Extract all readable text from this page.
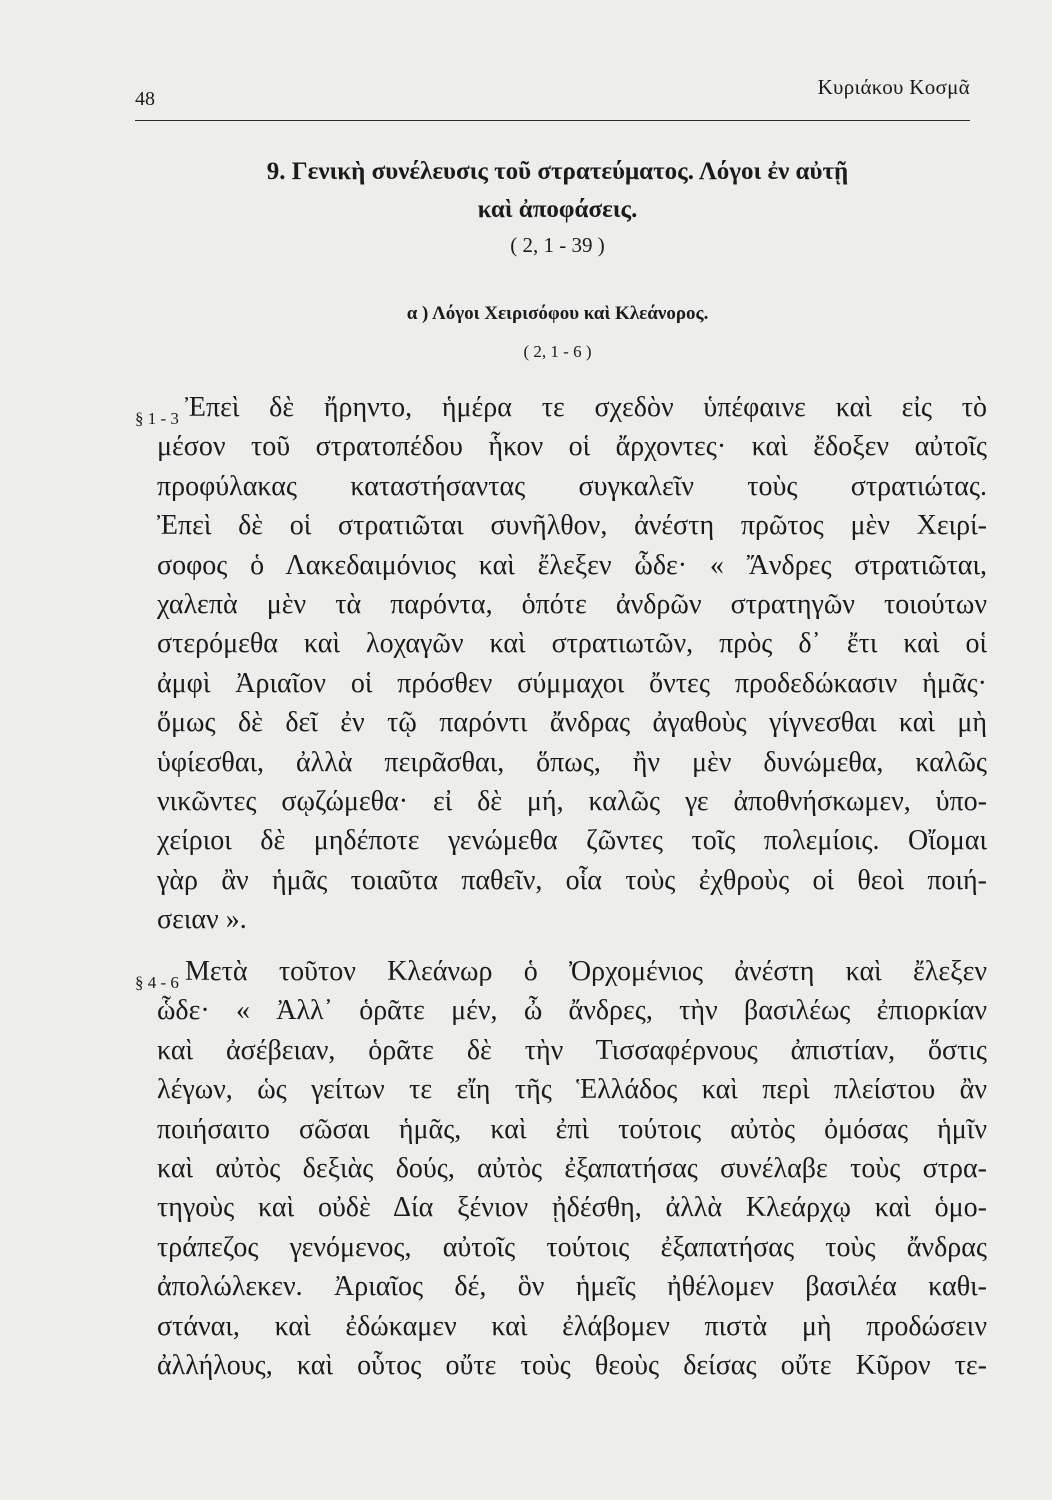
48	Κυριάκου Κοσμᾶ
9. Γενικὴ συνέλευσις τοῦ στρατεύματος. Λόγοι ἐν αὐτῇ
καὶ ἀποφάσεις.
( 2, 1 - 39 )
α ) Λόγοι Χειρισόφου καὶ Κλεάνορος.
( 2, 1 - 6 )
§ 1 - 3 Ἐπεὶ δὲ ἤρηντο, ἡμέρα τε σχεδὸν ὑπέφαινε καὶ εἰς τὸ
μέσον τοῦ στρατοπέδου ἧκον οἱ ἄρχοντες· καὶ ἔδοξεν αὐτοῖς
προφύλακας καταστήσαντας συγκαλεῖν τοὺς στρατιώτας.
Ἐπεὶ δὲ οἱ στρατιῶται συνῆλθον, ἀνέστη πρῶτος μὲν Χειρί-
σοφος ὁ Λακεδαιμόνιος καὶ ἔλεξεν ὧδε· « Ἄνδρες στρατιῶται,
χαλεπὰ μὲν τὰ παρόντα, ὁπότε ἀνδρῶν στρατηγῶν τοιούτων
στερόμεθα καὶ λοχαγῶν καὶ στρατιωτῶν, πρὸς δ᾿ ἔτι καὶ οἱ
ἀμφὶ Ἀριαῖον οἱ πρόσθεν σύμμαχοι ὄντες προδεδώκασιν ἡμᾶς·
ὅμως δὲ δεῖ ἐν τῷ παρόντι ἄνδρας ἀγαθοὺς γίγνεσθαι καὶ μὴ
ὑφίεσθαι, ἀλλὰ πειρᾶσθαι, ὅπως, ἢν μὲν δυνώμεθα, καλῶς
νικῶντες σῳζώμεθα· εἰ δὲ μή, καλῶς γε ἀποθνήσκωμεν, ὑπο-
χείριοι δὲ μηδέποτε γενώμεθα ζῶντες τοῖς πολεμίοις. Οἴομαι
γὰρ ἂν ἡμᾶς τοιαῦτα παθεῖν, οἷα τοὺς ἐχθροὺς οἱ θεοὶ ποιή-
σειαν ».
§ 4 - 6 Μετὰ τοῦτον Κλεάνωρ ὁ Ὀρχομένιος ἀνέστη καὶ ἔλεξεν
ὧδε· « Ἀλλ᾿ ὁρᾶτε μέν, ὦ ἄνδρες, τὴν βασιλέως ἐπιορκίαν
καὶ ἀσέβειαν, ὁρᾶτε δὲ τὴν Τισσαφέρνους ἀπιστίαν, ὅστις
λέγων, ὡς γείτων τε εἴη τῆς Ἑλλάδος καὶ περὶ πλείστου ἂν
ποιήσαιτο σῶσαι ἡμᾶς, καὶ ἐπὶ τούτοις αὐτὸς ὀμόσας ἡμῖν
καὶ αὐτὸς δεξιὰς δούς, αὐτὸς ἐξαπατήσας συνέλαβε τοὺς στρα-
τηγοὺς καὶ οὐδὲ Δία ξένιον ᾐδέσθη, ἀλλὰ Κλεάρχῳ καὶ ὁμο-
τράπεζος γενόμενος, αὐτοῖς τούτοις ἐξαπατήσας τοὺς ἄνδρας
ἀπολώλεκεν. Ἀριαῖος δέ, ὃν ἡμεῖς ἠθέλομεν βασιλέα καθι-
στάναι, καὶ ἐδώκαμεν καὶ ἐλάβομεν πιστὰ μὴ προδώσειν
ἀλλήλους, καὶ οὗτος οὔτε τοὺς θεοὺς δείσας οὔτε Κῦρον τε-
